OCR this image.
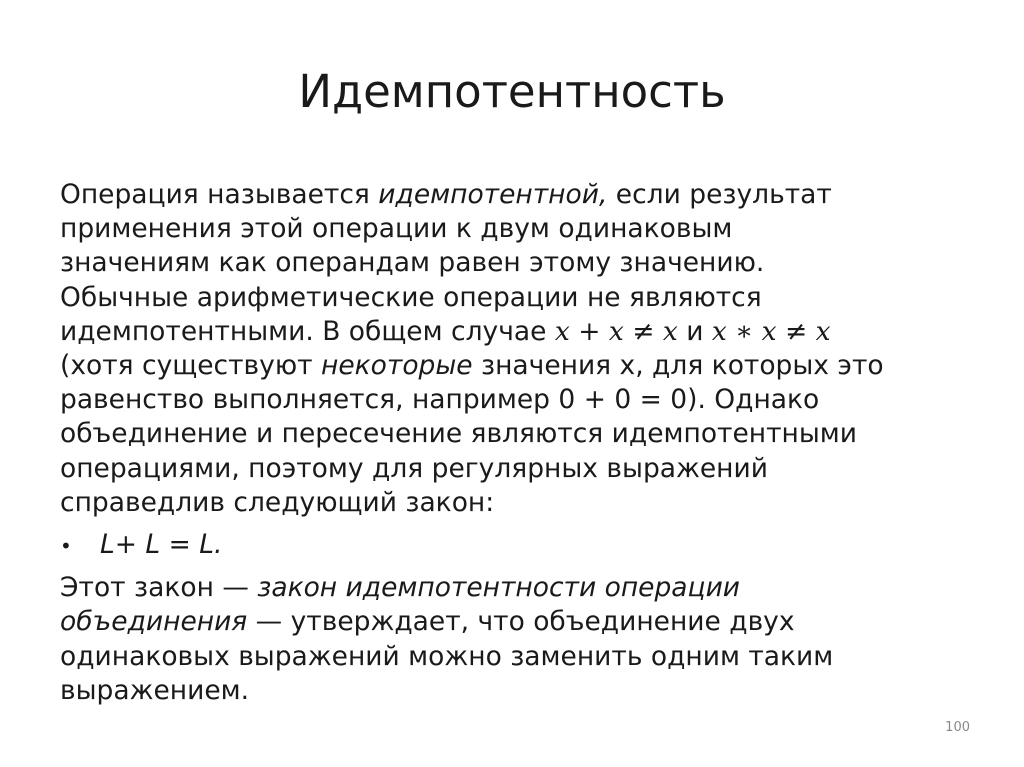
Идемпотентность
Операция называется идемпотентной, если результат
применения этой операции к двум одинаковым
значениям как операндам равен этому значению.
Обычные арифметические операции не являются
идемпотентными. В общем случае 𝑥 + 𝑥 ≠ 𝑥 и 𝑥 ∗ 𝑥 ≠ 𝑥
(хотя существуют некоторые значения x, для которых это
равенство выполняется, например 0 + 0 = 0). Однако
объединение и пересечение являются идемпотентными
операциями, поэтому для регулярных выражений
справедлив следующий закон:
•	L+ L = L.
Этот закон — закон идемпотентности операции
объединения — утверждает, что объединение двух
одинаковых выражений можно заменить одним таким
выражением.
100
